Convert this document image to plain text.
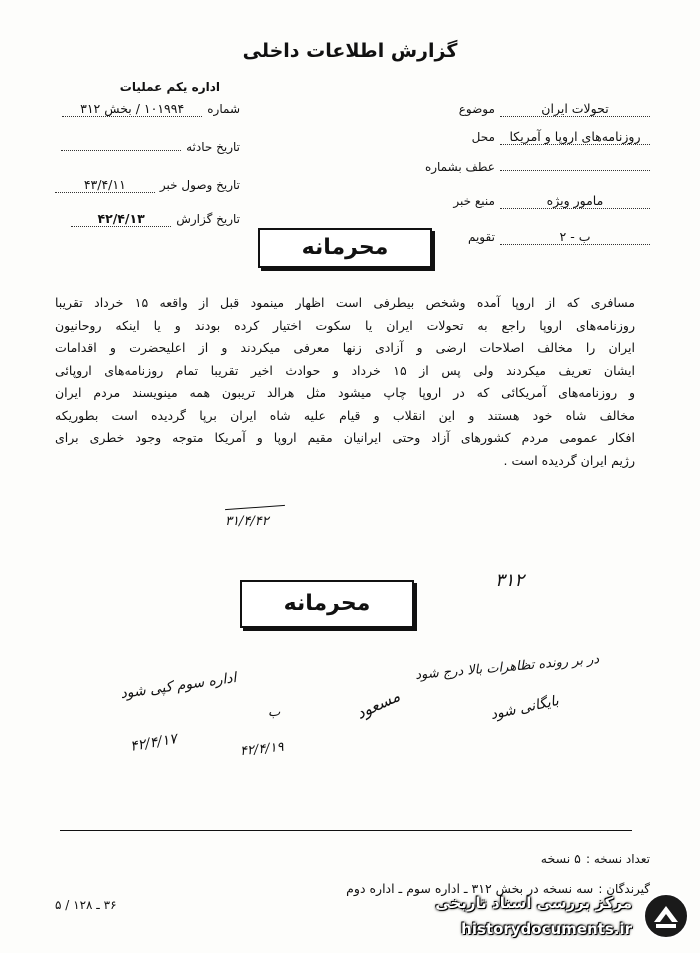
گزارش اطلاعات داخلی
اداره یکم عملیات
شماره ۱۰۱۹۹۴ / بخش ۳۱۲
تاریخ حادثه
تاریخ وصول خبر ۴۳/۴/۱۱
تاریخ گزارش ۴۲/۴/۱۳
موضوع	تحولات ایران
محل روزنامه‌های اروپا و آمریکا
عطف بشماره
منبع خبر	مامور ویژه
تقویم	ب - ۲
محرمانه
مسافری که از اروپا آمده وشخص بیطرفی است اظهار مینمود قبل از واقعه ۱۵ خرداد تقریبا
روزنامه‌های اروپا راجع به تحولات ایران یا سکوت اختیار کرده بودند و یا اینکه روحانیون
ایران را مخالف اصلاحات ارضی و آزادی زنها معرفی میکردند و از اعلیحضرت و اقدامات
ایشان تعریف میکردند ولی پس از ۱۵ خرداد و حوادث اخیر تقریبا تمام روزنامه‌های اروپائی
و روزنامه‌های آمریکائی که در اروپا چاپ میشود مثل هرالد تریبون همه مینویسند مردم ایران
مخالف شاه خود هستند و این انقلاب و قیام علیه شاه ایران برپا گردیده است بطوریکه
افکار عمومی مردم کشورهای آزاد وحتی ایرانیان مقیم اروپا و آمریکا متوجه وجود خطری برای
رژیم ایران گردیده است .
۳۱/۴/۴۲
۳۱۲
محرمانه
اداره سوم کپی شود
۴۲/۴/۱۷
ب
۴۲/۴/۱۹
مسعود
در بر رونده تظاهرات بالا درج شود
بایگانی شود
تعداد نسخه : ۵ نسخه
گیرندگان : سه نسخه در بخش ۳۱۲ ـ اداره سوم ـ اداره دوم
۳۶ ـ ۱۲۸ / ۵	مرکز بررسی اسناد تاریخی
historydocuments.ir
